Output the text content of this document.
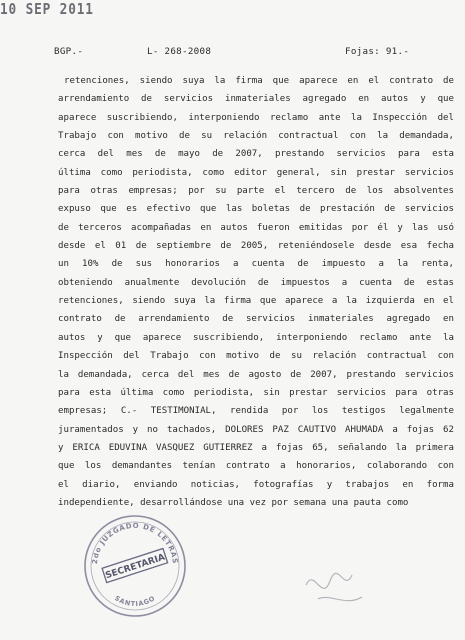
BGP.-	L- 268-2008	Fojas: 91.-
retenciones, siendo suya la firma que aparece en el contrato de
arrendamiento de servicios inmateriales agregado en autos y que
aparece suscribiendo, interponiendo reclamo ante la Inspección del
Trabajo con motivo de su relación contractual con la demandada,
cerca del mes de mayo de 2007, prestando servicios para esta
última como periodista, como editor general, sin prestar servicios
para otras empresas; por su parte el tercero de los absolventes
expuso que es efectivo que las boletas de prestación de servicios
de terceros acompañadas en autos fueron emitidas por él y las usó
desde el 01 de septiembre de 2005, reteniéndosele desde esa fecha
un 10% de sus honorarios a cuenta de impuesto a la renta,
obteniendo anualmente devolución de impuestos a cuenta de estas
retenciones, siendo suya la firma que aparece a la izquierda en el
contrato de arrendamiento de servicios inmateriales agregado en
autos y que aparece suscribiendo, interponiendo reclamo ante la
Inspección del Trabajo con motivo de su relación contractual con
la demandada, cerca del mes de agosto de 2007, prestando servicios
para esta última como periodista, sin prestar servicios para otras
empresas; C.- TESTIMONIAL, rendida por los testigos legalmente
juramentados y no tachados, DOLORES PAZ CAUTIVO AHUMADA a fojas 62
y ERICA EDUVINA VASQUEZ GUTIERREZ a fojas 65, señalando la primera
que los demandantes tenían contrato a honorarios, colaborando con
el diario, enviando noticias, fotografías y trabajos en forma
independiente, desarrollándose una vez por semana una pauta como
2do JUZGADO DE LETRAS
SANTIAGO
SECRETARIA
10 SEP 2011
